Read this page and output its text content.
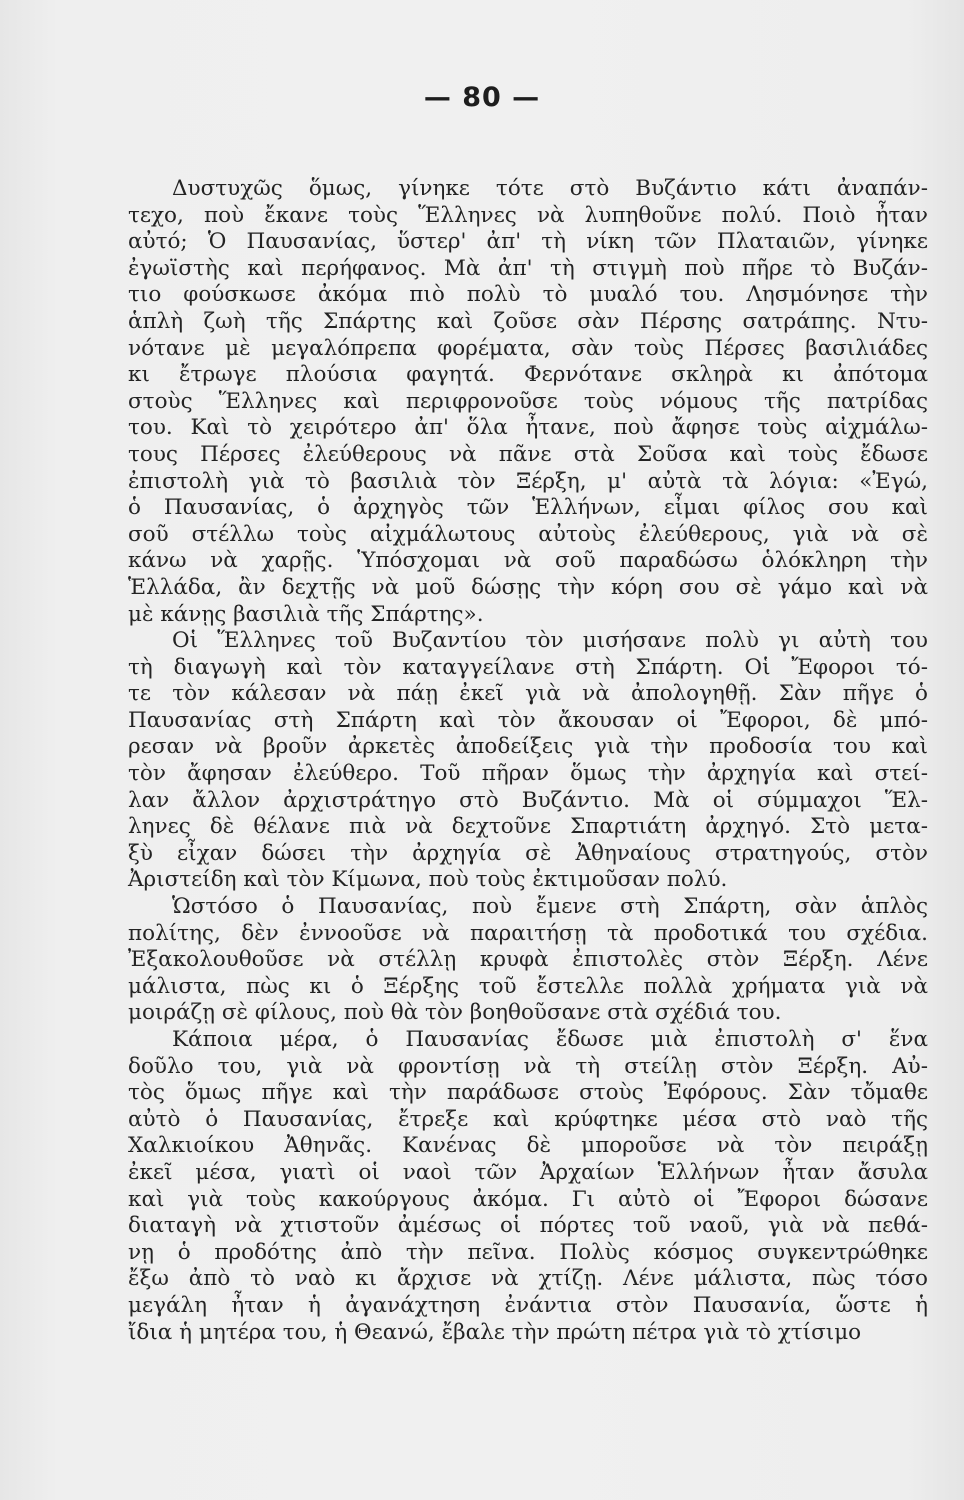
— 80 —

Δυστυχῶς ὅμως, γίνηκε τότε στὸ Βυζάντιο κάτι ἀναπάν-
τεχο, ποὺ ἔκανε τοὺς Ἕλληνες νὰ λυπηθοῦνε πολύ. Ποιὸ ἦταν
αὐτό; Ὁ Παυσανίας, ὕστερ' ἀπ' τὴ νίκη τῶν Πλαταιῶν, γίνηκε
ἐγωϊστὴς καὶ περήφανος. Μὰ ἀπ' τὴ στιγμὴ ποὺ πῆρε τὸ Βυζάν-
τιο φούσκωσε ἀκόμα πιὸ πολὺ τὸ μυαλό του. Λησμόνησε τὴν
ἁπλὴ ζωὴ τῆς Σπάρτης καὶ ζοῦσε σὰν Πέρσης σατράπης. Ντυ-
νότανε μὲ μεγαλόπρεπα φορέματα, σὰν τοὺς Πέρσες βασιλιάδες
κι ἔτρωγε πλούσια φαγητά. Φερνότανε σκληρὰ κι ἀπότομα
στοὺς Ἕλληνες καὶ περιφρονοῦσε τοὺς νόμους τῆς πατρίδας
του. Καὶ τὸ χειρότερο ἀπ' ὅλα ἦτανε, ποὺ ἄφησε τοὺς αἰχμάλω-
τους Πέρσες ἐλεύθερους νὰ πᾶνε στὰ Σοῦσα καὶ τοὺς ἔδωσε
ἐπιστολὴ γιὰ τὸ βασιλιὰ τὸν Ξέρξη, μ' αὐτὰ τὰ λόγια: «Ἐγώ,
ὁ Παυσανίας, ὁ ἀρχηγὸς τῶν Ἑλλήνων, εἶμαι φίλος σου καὶ
σοῦ στέλλω τοὺς αἰχμάλωτους αὐτοὺς ἐλεύθερους, γιὰ νὰ σὲ
κάνω νὰ χαρῇς. Ὑπόσχομαι νὰ σοῦ παραδώσω ὁλόκληρη τὴν
Ἑλλάδα, ἂν δεχτῇς νὰ μοῦ δώσῃς τὴν κόρη σου σὲ γάμο καὶ νὰ
μὲ κάνῃς βασιλιὰ τῆς Σπάρτης».

Οἱ Ἕλληνες τοῦ Βυζαντίου τὸν μισήσανε πολὺ γι αὐτὴ του
τὴ διαγωγὴ καὶ τὸν καταγγείλανε στὴ Σπάρτη. Οἱ Ἔφοροι τό-
τε τὸν κάλεσαν νὰ πάῃ ἐκεῖ γιὰ νὰ ἀπολογηθῇ. Σὰν πῆγε ὁ
Παυσανίας στὴ Σπάρτη καὶ τὸν ἄκουσαν οἱ Ἔφοροι, δὲ μπό-
ρεσαν νὰ βροῦν ἀρκετὲς ἀποδείξεις γιὰ τὴν προδοσία του καὶ
τὸν ἄφησαν ἐλεύθερο. Τοῦ πῆραν ὅμως τὴν ἀρχηγία καὶ στεί-
λαν ἄλλον ἀρχιστράτηγο στὸ Βυζάντιο. Μὰ οἱ σύμμαχοι Ἕλ-
ληνες δὲ θέλανε πιὰ νὰ δεχτοῦνε Σπαρτιάτη ἀρχηγό. Στὸ μετα-
ξὺ εἶχαν δώσει τὴν ἀρχηγία σὲ Ἀθηναίους στρατηγούς, στὸν
Ἀριστείδη καὶ τὸν Κίμωνα, ποὺ τοὺς ἐκτιμοῦσαν πολύ.

Ὡστόσο ὁ Παυσανίας, ποὺ ἔμενε στὴ Σπάρτη, σὰν ἁπλὸς
πολίτης, δὲν ἐννοοῦσε νὰ παραιτήσῃ τὰ προδοτικά του σχέδια.
Ἐξακολουθοῦσε νὰ στέλλῃ κρυφὰ ἐπιστολὲς στὸν Ξέρξη. Λένε
μάλιστα, πὼς κι ὁ Ξέρξης τοῦ ἔστελλε πολλὰ χρήματα γιὰ νὰ
μοιράζῃ σὲ φίλους, ποὺ θὰ τὸν βοηθοῦσανε στὰ σχέδιά του.

Κάποια μέρα, ὁ Παυσανίας ἔδωσε μιὰ ἐπιστολὴ σ' ἕνα
δοῦλο του, γιὰ νὰ φροντίσῃ νὰ τὴ στείλῃ στὸν Ξέρξη. Αὐ-
τὸς ὅμως πῆγε καὶ τὴν παράδωσε στοὺς Ἐφόρους. Σὰν τὄμαθε
αὐτὸ ὁ Παυσανίας, ἔτρεξε καὶ κρύφτηκε μέσα στὸ ναὸ τῆς
Χαλκιοίκου Ἀθηνᾶς. Κανένας δὲ μποροῦσε νὰ τὸν πειράξῃ
ἐκεῖ μέσα, γιατὶ οἱ ναοὶ τῶν Ἀρχαίων Ἑλλήνων ἦταν ἄσυλα
καὶ γιὰ τοὺς κακούργους ἀκόμα. Γι αὐτὸ οἱ Ἔφοροι δώσανε
διαταγὴ νὰ χτιστοῦν ἀμέσως οἱ πόρτες τοῦ ναοῦ, γιὰ νὰ πεθά-
νῃ ὁ προδότης ἀπὸ τὴν πεῖνα. Πολὺς κόσμος συγκεντρώθηκε
ἔξω ἀπὸ τὸ ναὸ κι ἄρχισε νὰ χτίζῃ. Λένε μάλιστα, πὼς τόσο
μεγάλη ἦταν ἡ ἀγανάχτηση ἐνάντια στὸν Παυσανία, ὥστε ἡ
ἴδια ἡ μητέρα του, ἡ Θεανώ, ἔβαλε τὴν πρώτη πέτρα γιὰ τὸ χτίσιμο
